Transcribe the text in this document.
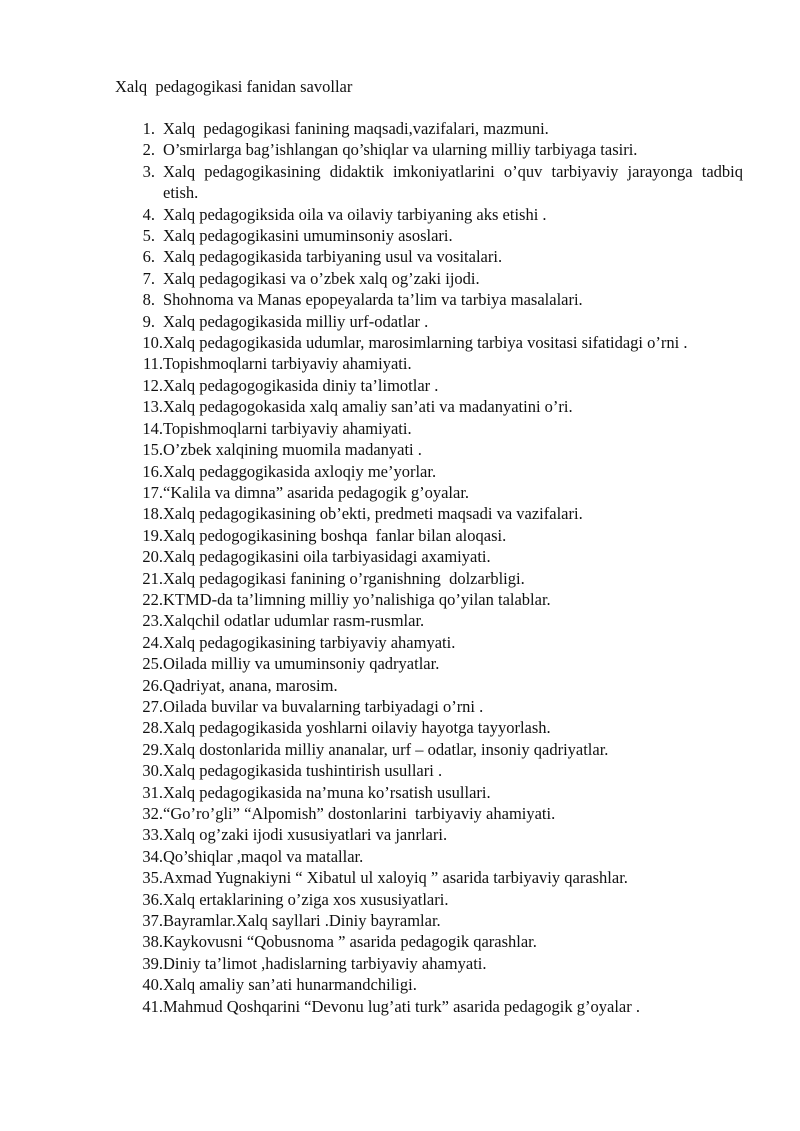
Xalq  pedagogikasi fanidan savollar
1. Xalq  pedagogikasi fanining maqsadi,vazifalari, mazmuni.
2. O’smirlarga bag’ishlangan qo’shiqlar va ularning milliy tarbiyaga tasiri.
3. Xalq pedagogikasining didaktik imkoniyatlarini o’quv tarbiyaviy jarayonga tadbiq etish.
4. Xalq pedagogiksida oila va oilaviy tarbiyaning aks etishi .
5. Xalq pedagogikasini umuminsoniy asoslari.
6. Xalq pedagogikasida tarbiyaning usul va vositalari.
7. Xalq pedagogikasi va o’zbek xalq og’zaki ijodi.
8. Shohnoma va Manas epopeyalarda ta’lim va tarbiya masalalari.
9. Xalq pedagogikasida milliy urf-odatlar .
10. Xalq pedagogikasida udumlar, marosimlarning tarbiya vositasi sifatidagi o’rni .
11. Topishmoqlarni tarbiyaviy ahamiyati.
12. Xalq pedagogogikasida diniy ta’limotlar .
13. Xalq pedagogokasida xalq amaliy san’ati va madanyatini o’ri.
14. Topishmoqlarni tarbiyaviy ahamiyati.
15. O’zbek xalqining muomila madanyati .
16. Xalq pedaggogikasida axloqiy me’yorlar.
17. “Kalila va dimna” asarida pedagogik g’oyalar.
18. Xalq pedagogikasining ob’ekti, predmeti maqsadi va vazifalari.
19. Xalq pedogogikasining boshqa  fanlar bilan aloqasi.
20. Xalq pedagogikasini oila tarbiyasidagi axamiyati.
21. Xalq pedagogikasi fanining o’rganishning  dolzarbligi.
22. KTMD-da ta’limning milliy yo’nalishiga qo’yilan talablar.
23. Xalqchil odatlar udumlar rasm-rusmlar.
24. Xalq pedagogikasining tarbiyaviy ahamyati.
25. Oilada milliy va umuminsoniy qadryatlar.
26. Qadriyat, anana, marosim.
27. Oilada buvilar va buvalarning tarbiyadagi o’rni .
28. Xalq pedagogikasida yoshlarni oilaviy hayotga tayyorlash.
29. Xalq dostonlarida milliy ananalar, urf – odatlar, insoniy qadriyatlar.
30. Xalq pedagogikasida tushintirish usullari .
31. Xalq pedagogikasida na’muna ko’rsatish usullari.
32. “Go’ro’gli” “Alpomish” dostonlarini  tarbiyaviy ahamiyati.
33. Xalq og’zaki ijodi xususiyatlari va janrlari.
34. Qo’shiqlar ,maqol va matallar.
35. Axmad Yugnakiyni “ Xibatul ul xaloyiq ” asarida tarbiyaviy qarashlar.
36. Xalq ertaklarining o’ziga xos xususiyatlari.
37. Bayramlar.Xalq sayllari .Diniy bayramlar.
38. Kaykovusni “Qobusnoma ” asarida pedagogik qarashlar.
39. Diniy ta’limot ,hadislarning tarbiyaviy ahamyati.
40. Xalq amaliy san’ati hunarmandchiligi.
41. Mahmud Qoshqarini “Devonu lug’ati turk” asarida pedagogik g’oyalar .
